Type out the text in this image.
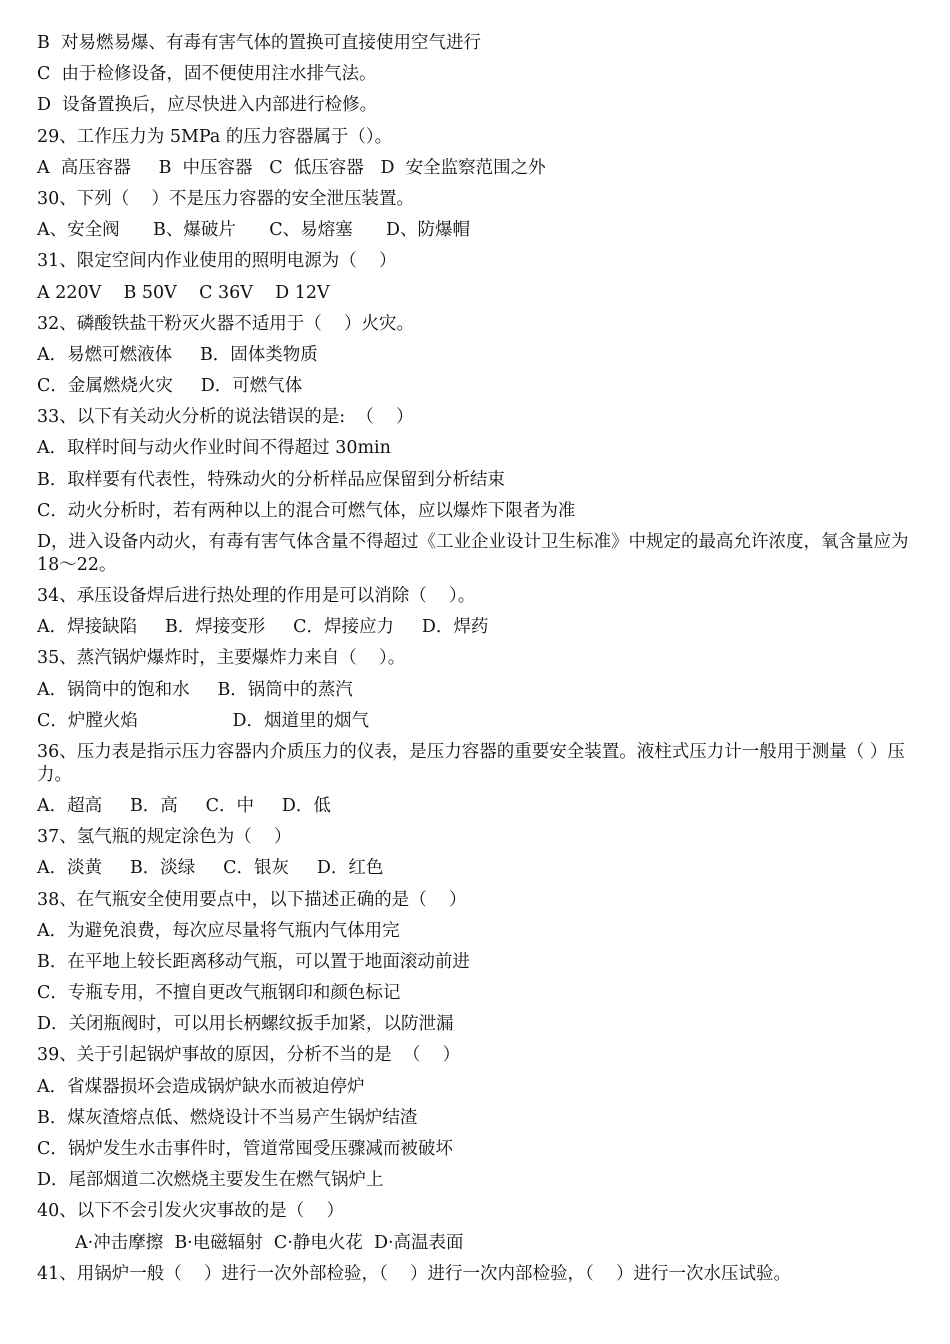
B  对易燃易爆、有毒有害气体的置换可直接使用空气进行
C  由于检修设备，固不便使用注水排气法。
D  设备置换后，应尽快进入内部进行检修。
29、工作压力为 5MPa 的压力容器属于（）。
A  高压容器     B  中压容器   C  低压容器   D  安全监察范围之外
30、下列（    ）不是压力容器的安全泄压装置。
A、安全阀      B、爆破片      C、易熔塞      D、防爆帽
31、限定空间内作业使用的照明电源为（    ）
A 220V    B 50V    C 36V    D 12V
32、磷酸铁盐干粉灭火器不适用于（    ）火灾。
A．易燃可燃液体     B．固体类物质
C．金属燃烧火灾     D．可燃气体
33、以下有关动火分析的说法错误的是:  （    ）
A．取样时间与动火作业时间不得超过 30min
B．取样要有代表性，特殊动火的分析样品应保留到分析结束
C．动火分析时，若有两种以上的混合可燃气体，应以爆炸下限者为准
D，进入设备内动火，有毒有害气体含量不得超过《工业企业设计卫生标准》中规定的最高允许浓度，氧含量应为 18～22。
34、承压设备焊后进行热处理的作用是可以消除（    ）。
A．焊接缺陷     B．焊接变形     C．焊接应力     D．焊药
35、蒸汽锅炉爆炸时，主要爆炸力来自（    ）。
A．锅筒中的饱和水     B．锅筒中的蒸汽
C．炉膛火焰                 D．烟道里的烟气
36、压力表是指示压力容器内介质压力的仪表，是压力容器的重要安全装置。液柱式压力计一般用于测量（ ）压力。
A．超高     B．高     C．中     D．低
37、氢气瓶的规定涂色为（    ）
A．淡黄     B．淡绿     C．银灰     D．红色
38、在气瓶安全使用要点中，以下描述正确的是（    ）
A．为避免浪费，每次应尽量将气瓶内气体用完
B．在平地上较长距离移动气瓶，可以置于地面滚动前进
C．专瓶专用，不擅自更改气瓶钢印和颜色标记
D．关闭瓶阀时，可以用长柄螺纹扳手加紧，以防泄漏
39、关于引起锅炉事故的原因，分析不当的是  （    ）
A．省煤器损坏会造成锅炉缺水而被迫停炉
B．煤灰渣熔点低、燃烧设计不当易产生锅炉结渣
C．锅炉发生水击事件时，管道常囤受压骤减而被破坏
D．尾部烟道二次燃烧主要发生在燃气锅炉上
40、以下不会引发火灾事故的是（    ）
A·冲击摩擦  B·电磁辐射  C·静电火花  D·高温表面
41、用锅炉一般（    ）进行一次外部检验，（    ）进行一次内部检验，（    ）进行一次水压试验。
